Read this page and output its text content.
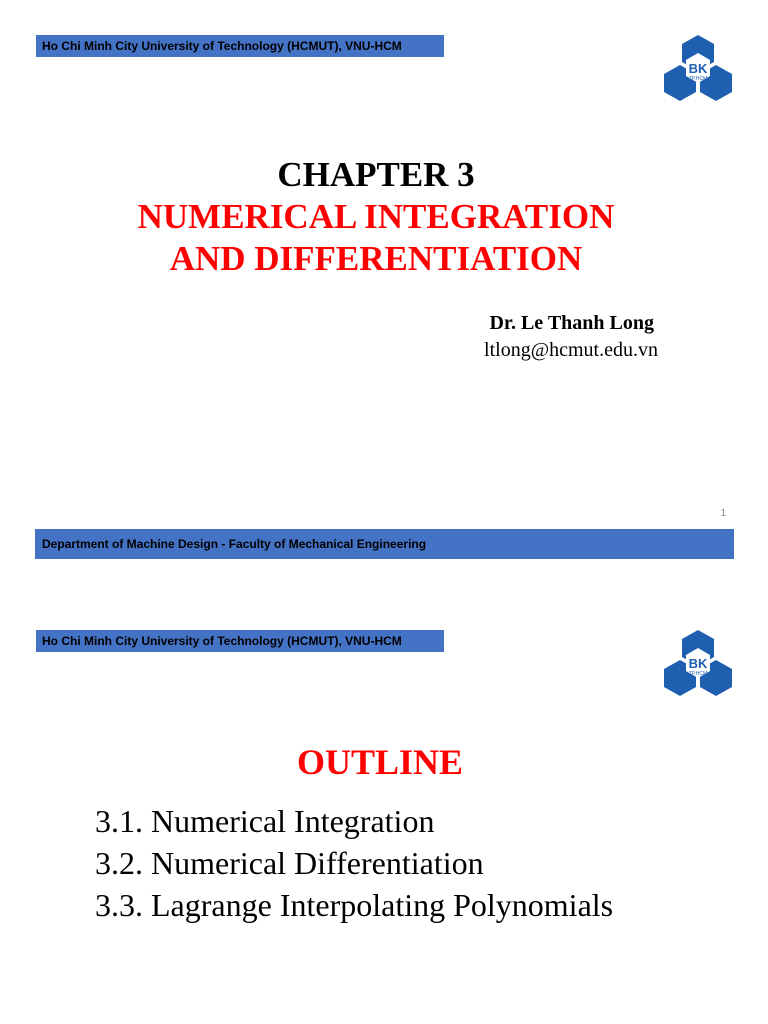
Ho Chi Minh City University of Technology (HCMUT), VNU-HCM
BK
TP.HCM
CHAPTER 3
NUMERICAL INTEGRATION
AND DIFFERENTIATION
Dr. Le Thanh Long
ltlong@hcmut.edu.vn
1
Department of Machine Design - Faculty of Mechanical Engineering
Ho Chi Minh City University of Technology (HCMUT), VNU-HCM
BK
TP.HCM
OUTLINE
3.1. Numerical Integration
3.2. Numerical Differentiation
3.3. Lagrange Interpolating Polynomials
